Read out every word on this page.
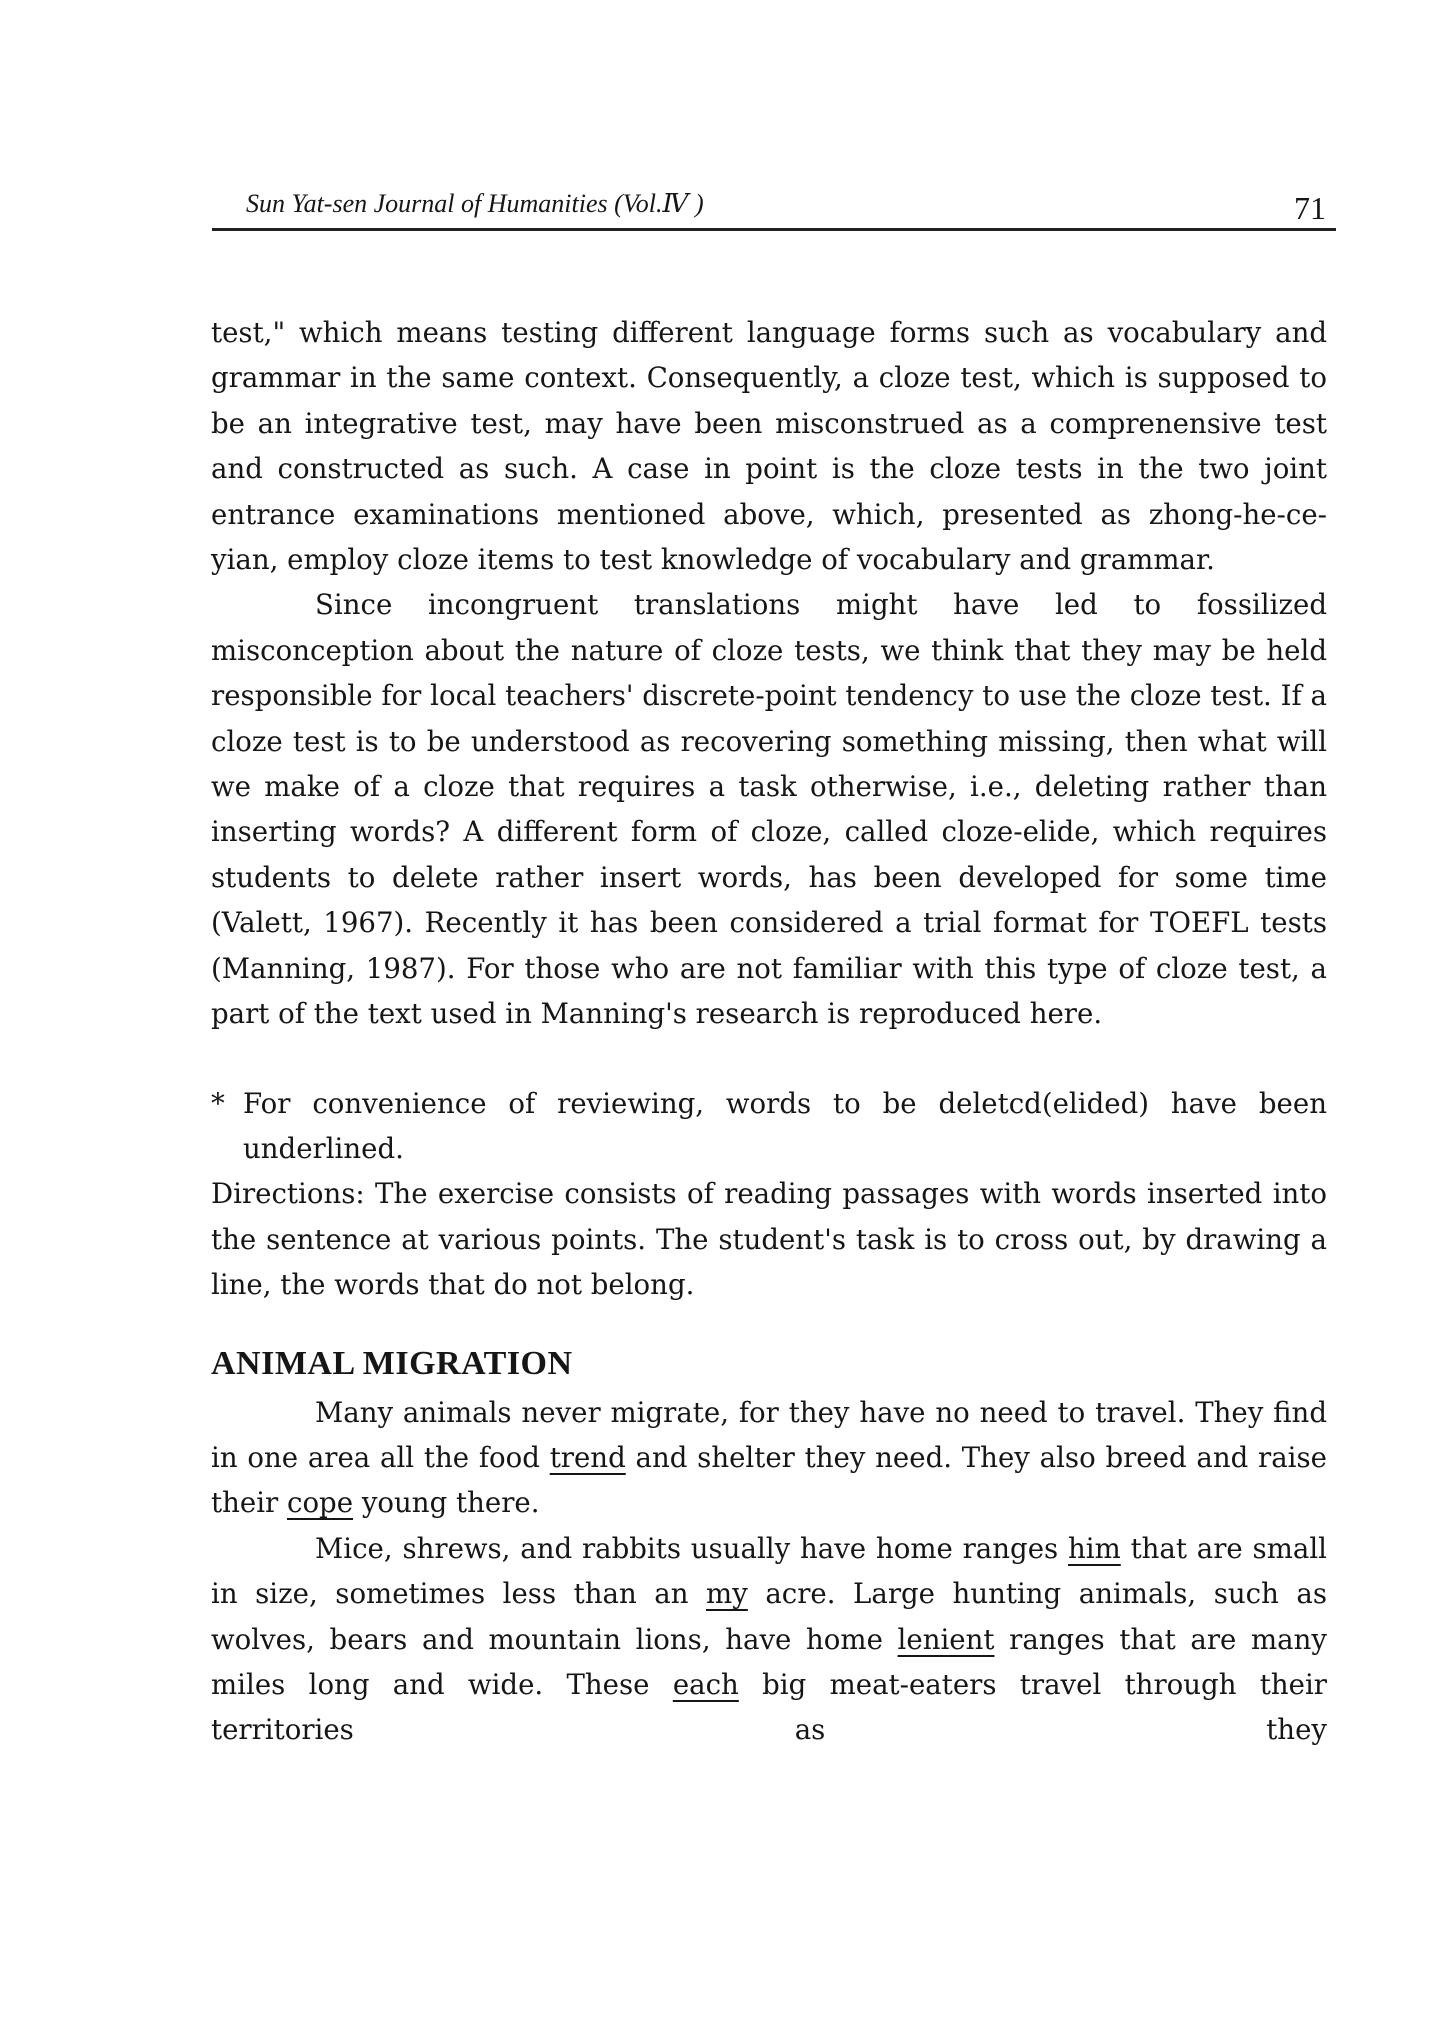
Sun Yat-sen Journal of Humanities (Vol.Ⅳ )	71

test," which means testing different language forms such as vocabulary and grammar in the same context. Consequently, a cloze test, which is supposed to be an integrative test, may have been misconstrued as a comprenensive test and constructed as such. A case in point is the cloze tests in the two joint entrance examinations mentioned above, which, presented as zhong-he-ce-yian, employ cloze items to test knowledge of vocabulary and grammar.

Since incongruent translations might have led to fossilized misconception about the nature of cloze tests, we think that they may be held responsible for local teachers' discrete-point tendency to use the cloze test. If a cloze test is to be understood as recovering something missing, then what will we make of a cloze that requires a task otherwise, i.e., deleting rather than inserting words? A different form of cloze, called cloze-elide, which requires students to delete rather insert words, has been developed for some time (Valett, 1967). Recently it has been considered a trial format for TOEFL tests (Manning, 1987). For those who are not familiar with this type of cloze test, a part of the text used in Manning's research is reproduced here.

* For convenience of reviewing, words to be deletcd(elided) have been underlined.

Directions: The exercise consists of reading passages with words inserted into the sentence at various points. The student's task is to cross out, by drawing a line, the words that do not belong.

ANIMAL MIGRATION

Many animals never migrate, for they have no need to travel. They find in one area all the food trend and shelter they need. They also breed and raise their cope young there.

Mice, shrews, and rabbits usually have home ranges him that are small in size, sometimes less than an my acre. Large hunting animals, such as wolves, bears and mountain lions, have home lenient ranges that are many miles long and wide. These each big meat-eaters travel through their territories as they
